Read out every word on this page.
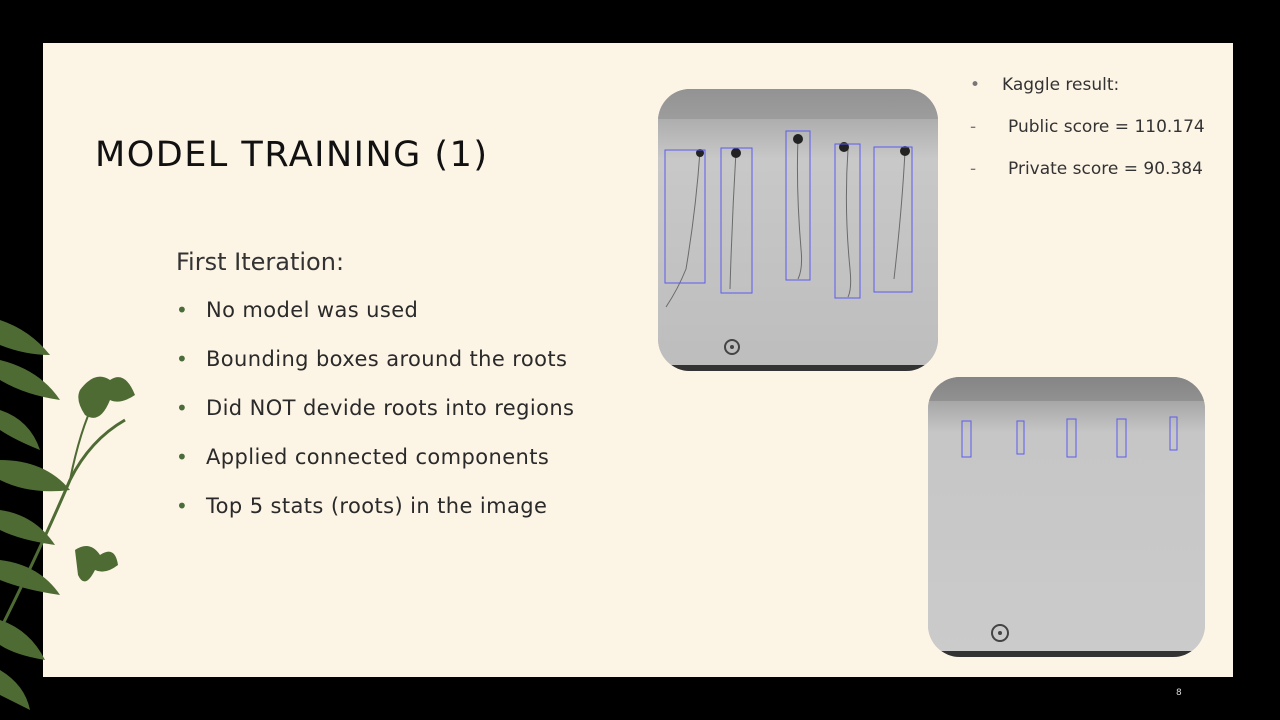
MODEL TRAINING (1)
First Iteration:
• No model was used
• Bounding boxes around the roots
• Did NOT devide roots into regions
• Applied connected components
• Top 5 stats (roots) in the image
• Kaggle result:
- Public score = 110.174
- Private score = 90.384
8
